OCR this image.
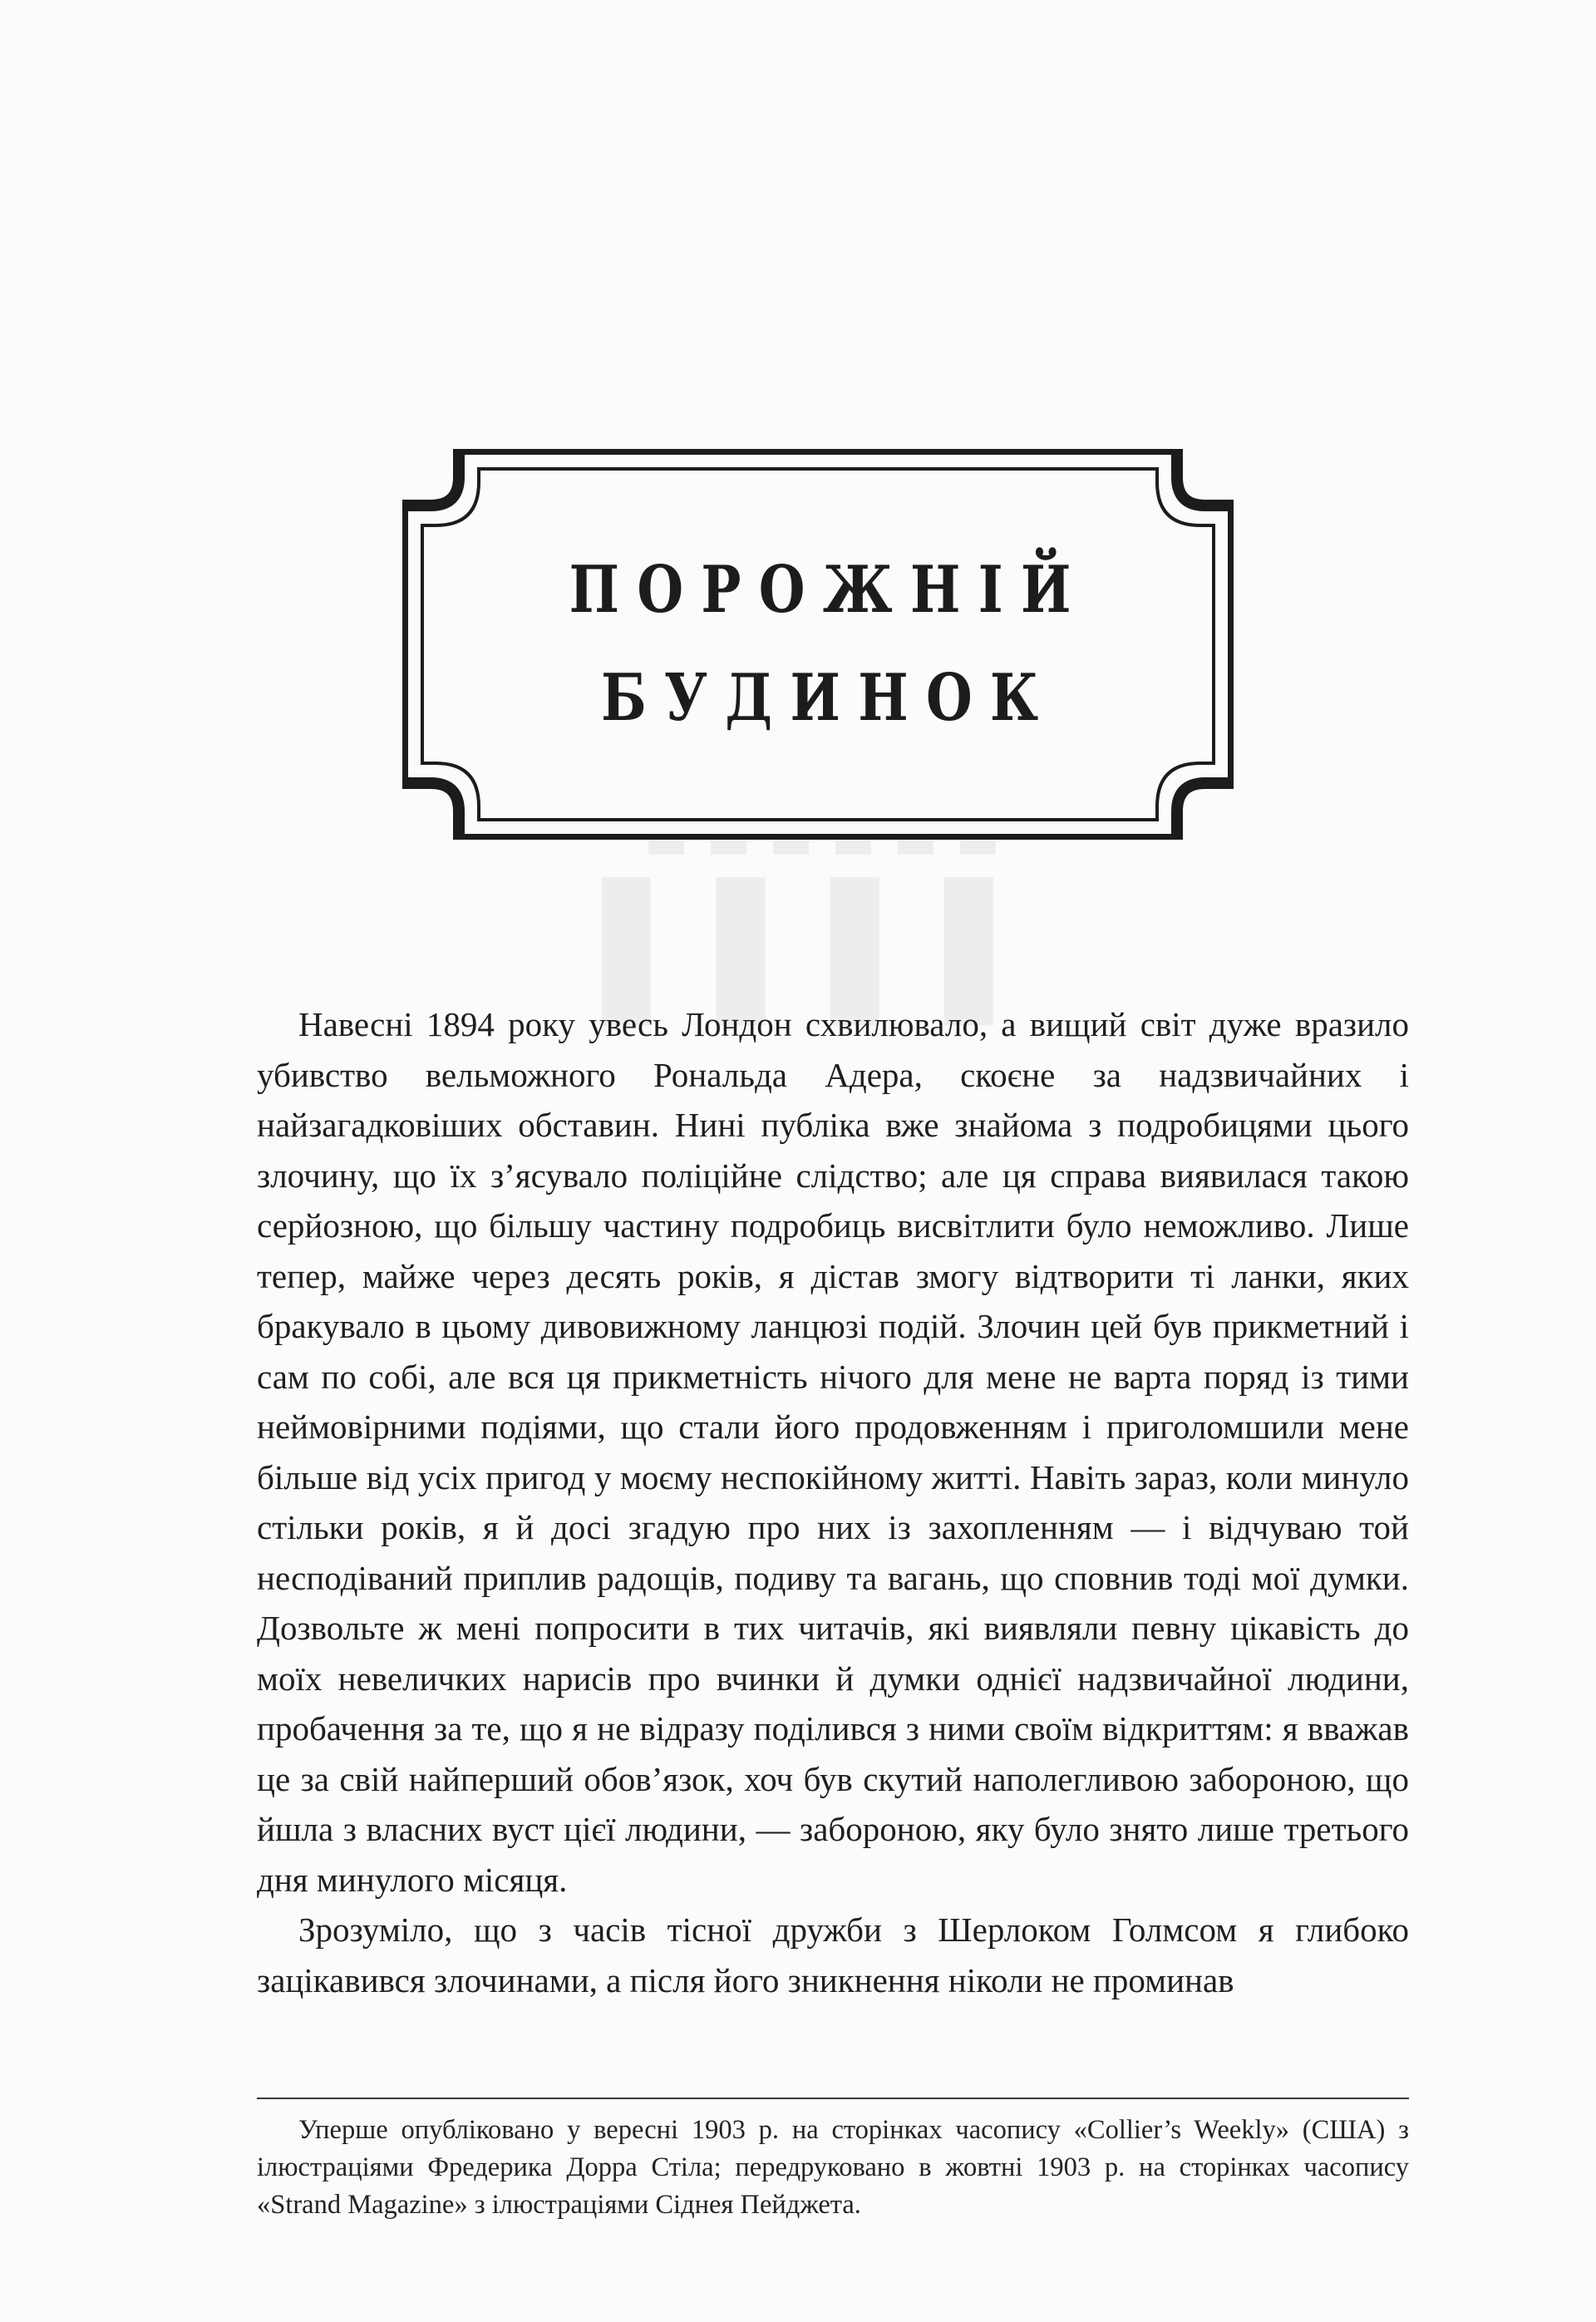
▬▬▬▬▬▬
▌▌▌▌
ПОРОЖНІЙ
БУДИНОК

Навесні 1894 року увесь Лондон схвилювало, а вищий світ дуже вразило убивство вельможного Рональда Адера, скоєне за надзвичайних і найзагадковіших обставин. Нині публіка вже знайома з подробицями цього злочину, що їх з’ясувало поліційне слідство; але ця справа виявилася такою серйозною, що більшу частину подробиць висвітлити було неможливо. Лише тепер, майже через десять років, я дістав змогу відтворити ті ланки, яких бракувало в цьому дивовижному ланцюзі подій. Злочин цей був прикметний і сам по собі, але вся ця прикметність нічого для мене не варта поряд із тими неймовірними подіями, що стали його продовженням і приголомшили мене більше від усіх пригод у моєму неспокійному житті. Навіть зараз, коли минуло стільки років, я й досі згадую про них із захопленням — і відчуваю той несподіваний приплив радощів, подиву та вагань, що сповнив тоді мої думки. Дозвольте ж мені попросити в тих читачів, які виявляли певну цікавість до моїх невеличких нарисів про вчинки й думки однієї надзвичайної людини, пробачення за те, що я не відразу поділився з ними своїм відкриттям: я вважав це за свій найперший обов’язок, хоч був скутий наполегливою забороною, що йшла з власних вуст цієї людини, — забороною, яку було знято лише третього дня минулого місяця.

Зрозуміло, що з часів тісної дружби з Шерлоком Голмсом я глибоко зацікавився злочинами, а після його зникнення ніколи не проминав

Уперше опубліковано у вересні 1903 р. на сторінках часопису «Collier’s Weekly» (США) з ілюстраціями Фредерика Дорра Стіла; передруковано в жовтні 1903 р. на сторінках часопису «Strand Magazine» з ілюстраціями Сіднея Пейджета.
